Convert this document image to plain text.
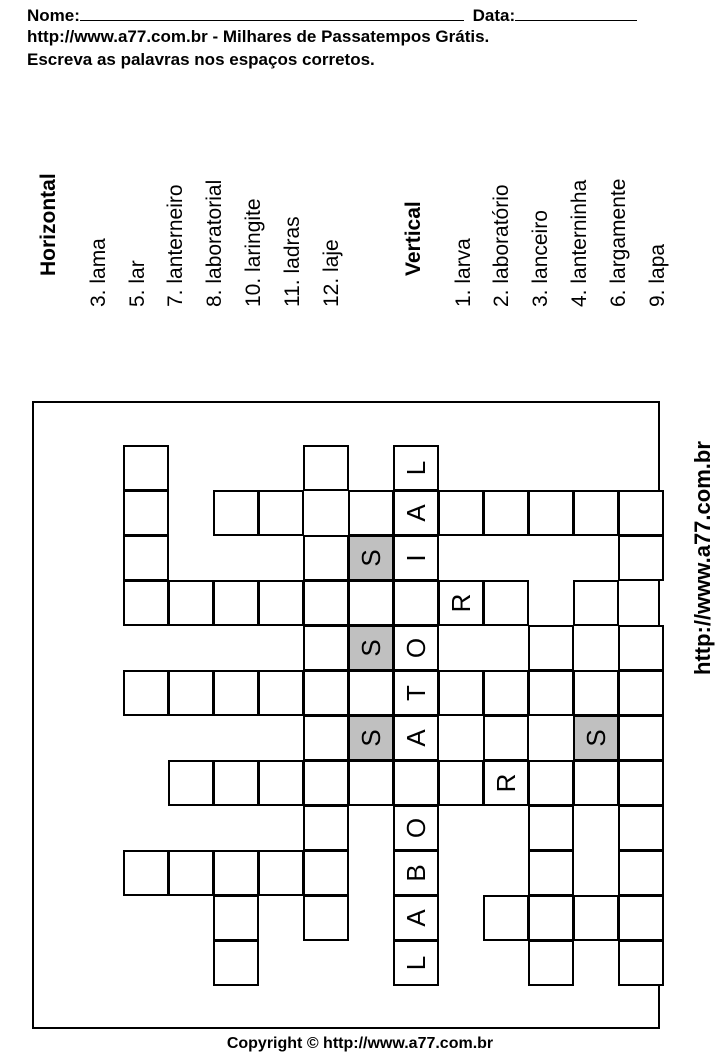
Nome:	Data:
http://www.a77.com.br - Milhares de Passatempos Grátis.
Escreva as palavras nos espaços corretos.
Horizontal 3. lama 5. lar 7. lanterneiro 8. laboratorial 10. laringite 11. ladras 12. laje	Vertical 1. larva 2. laboratório 3. lanceiro 4. lanterninha 6. largamente 9. lapa
L
A
S I
R
S O
T
S A	S
R
O
B
A
L
http://www.a77.com.br
Copyright © http://www.a77.com.br
